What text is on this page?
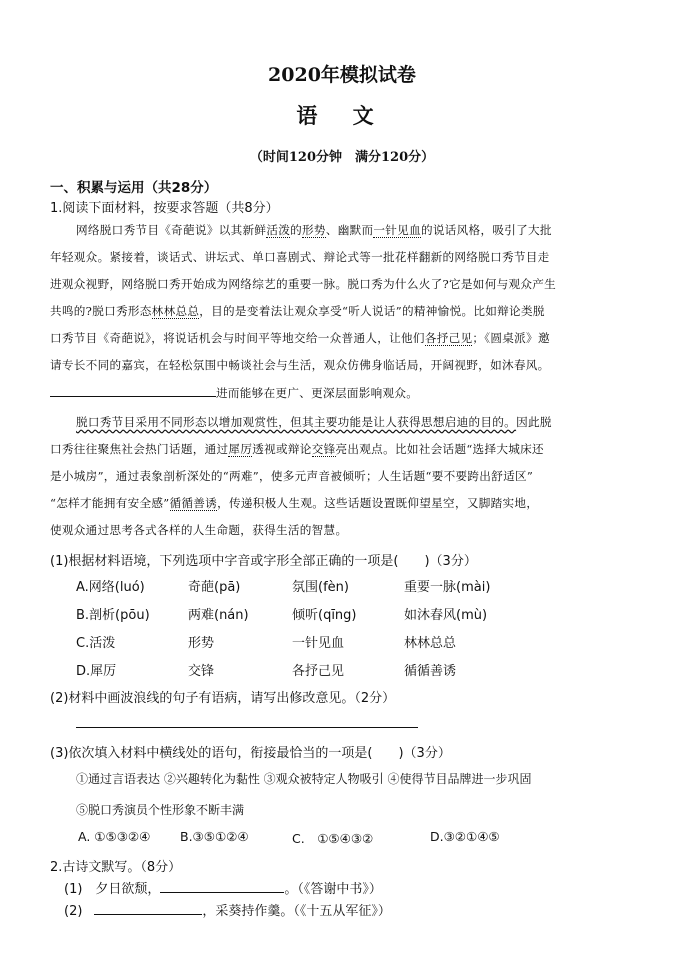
2020年模拟试卷
语 文
（时间120分钟　满分120分）
一、积累与运用（共28分）
1.阅读下面材料，按要求答题（共8分）
网络脱口秀节目《奇葩说》以其新鲜活泼的形势、幽默而一针见血的说话风格，吸引了大批
年轻观众。紧接着，谈话式、讲坛式、单口喜剧式、辩论式等一批花样翻新的网络脱口秀节目走
进观众视野，网络脱口秀开始成为网络综艺的重要一脉。脱口秀为什么火了?它是如何与观众产生
共鸣的?脱口秀形态林林总总，目的是变着法让观众享受“听人说话”的精神愉悦。比如辩论类脱
口秀节目《奇葩说》，将说话机会与时间平等地交给一众普通人，让他们各抒己见；《圆桌派》邀
请专长不同的嘉宾，在轻松氛围中畅谈社会与生活，观众仿佛身临话局，开阔视野，如沐春风。
进而能够在更广、更深层面影响观众。
脱口秀节目采用不同形态以增加观赏性，但其主要功能是让人获得思想启迪的目的。因此脱
口秀往往聚焦社会热门话题，通过犀厉透视或辩论交锋亮出观点。比如社会话题“选择大城床还
是小城房”，通过表象剖析深处的“两难”，使多元声音被倾听；人生话题“要不要跨出舒适区”
“怎样才能拥有安全感”循循善诱，传递积极人生观。这些话题设置既仰望星空，又脚踏实地，
使观众通过思考各式各样的人生命题，获得生活的智慧。
(1)根据材料语境，下列选项中字音或字形全部正确的一项是(　　)（3分）
A.网络(luó)	奇葩(pā)	氛围(fèn)	重要一脉(mài)
B.剖析(pōu)	两难(nán)	倾听(qīng)	如沐春风(mù)
C.活泼	形势	一针见血	林林总总
D.犀厉	交锋	各抒己见	循循善诱
(2)材料中画波浪线的句子有语病，请写出修改意见。（2分）
(3)依次填入材料中横线处的语句，衔接最恰当的一项是(　　)（3分）
①通过言语表达 ②兴趣转化为黏性 ③观众被特定人物吸引 ④使得节目品牌进一步巩固
⑤脱口秀演员个性形象不断丰满
A. ①⑤③②④ B.③⑤①②④	C.　①⑤④③②	D.③②①④⑤
2.古诗文默写。（8分）
(1)　夕日欲颓，	。（《答谢中书》）
(2)	，采葵持作羹。（《十五从军征》）
